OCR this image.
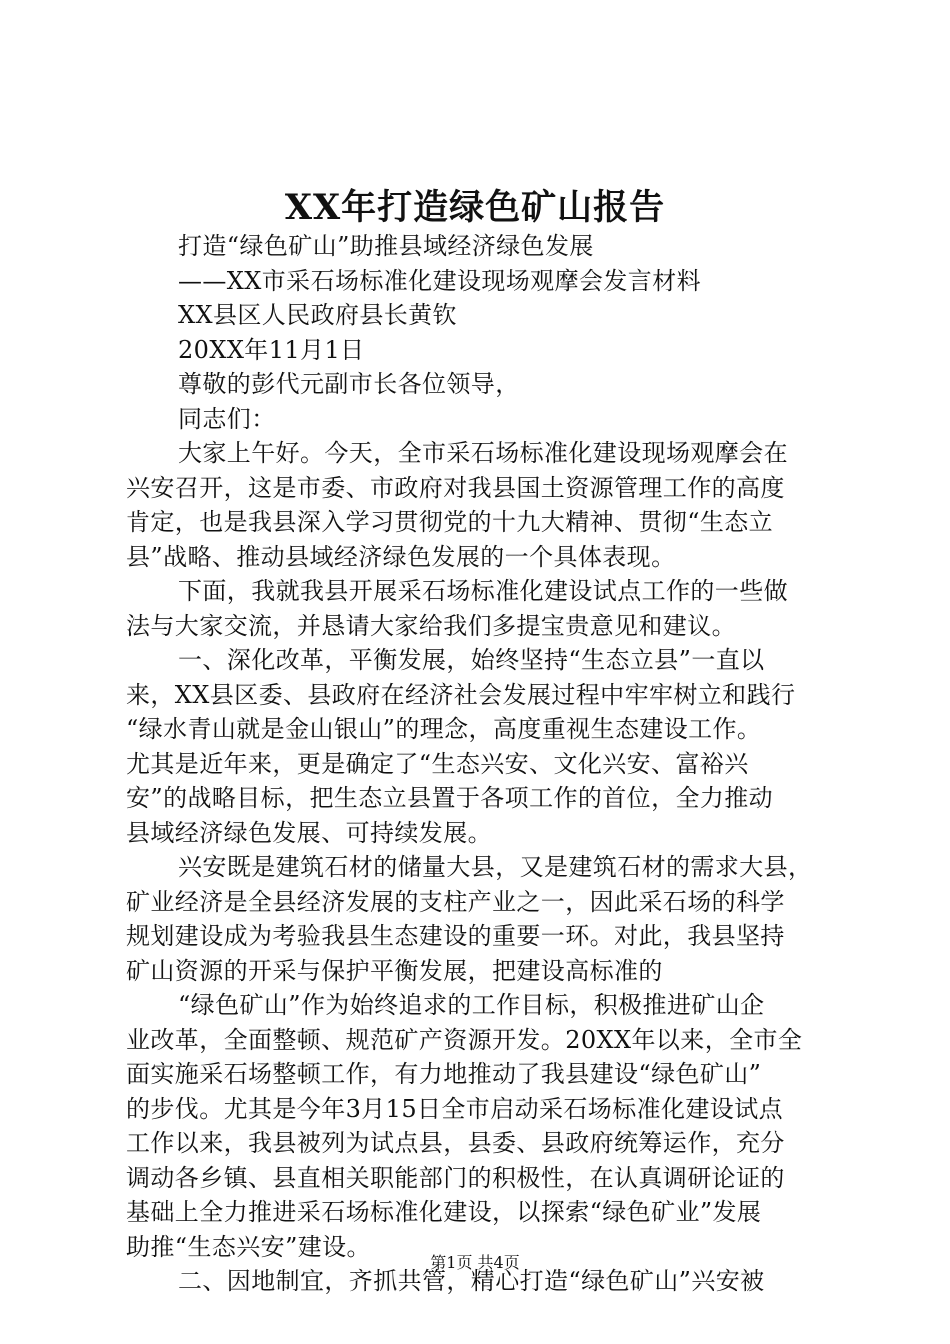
XX年打造绿色矿山报告

打造“绿色矿山”助推县域经济绿色发展

——XX市采石场标准化建设现场观摩会发言材料

XX县区人民政府县长黄钦

20XX年11月1日

尊敬的彭代元副市长各位领导，

同志们：

大家上午好。今天，全市采石场标准化建设现场观摩会在

兴安召开，这是市委、市政府对我县国土资源管理工作的高度

肯定，也是我县深入学习贯彻党的十九大精神、贯彻“生态立

县”战略、推动县域经济绿色发展的一个具体表现。

下面，我就我县开展采石场标准化建设试点工作的一些做

法与大家交流，并恳请大家给我们多提宝贵意见和建议。

一、深化改革，平衡发展，始终坚持“生态立县”一直以

来，XX县区委、县政府在经济社会发展过程中牢牢树立和践行

“绿水青山就是金山银山”的理念，高度重视生态建设工作。

尤其是近年来，更是确定了“生态兴安、文化兴安、富裕兴

安”的战略目标，把生态立县置于各项工作的首位，全力推动

县域经济绿色发展、可持续发展。

兴安既是建筑石材的储量大县，又是建筑石材的需求大县，

矿业经济是全县经济发展的支柱产业之一，因此采石场的科学

规划建设成为考验我县生态建设的重要一环。对此，我县坚持

矿山资源的开采与保护平衡发展，把建设高标准的

“绿色矿山”作为始终追求的工作目标，积极推进矿山企

业改革，全面整顿、规范矿产资源开发。20XX年以来，全市全

面实施采石场整顿工作，有力地推动了我县建设“绿色矿山”

的步伐。尤其是今年3月15日全市启动采石场标准化建设试点

工作以来，我县被列为试点县，县委、县政府统筹运作，充分

调动各乡镇、县直相关职能部门的积极性，在认真调研论证的

基础上全力推进采石场标准化建设，以探索“绿色矿业”发展

助推“生态兴安”建设。

二、因地制宜，齐抓共管，精心打造“绿色矿山”兴安被

第1页 共4页
